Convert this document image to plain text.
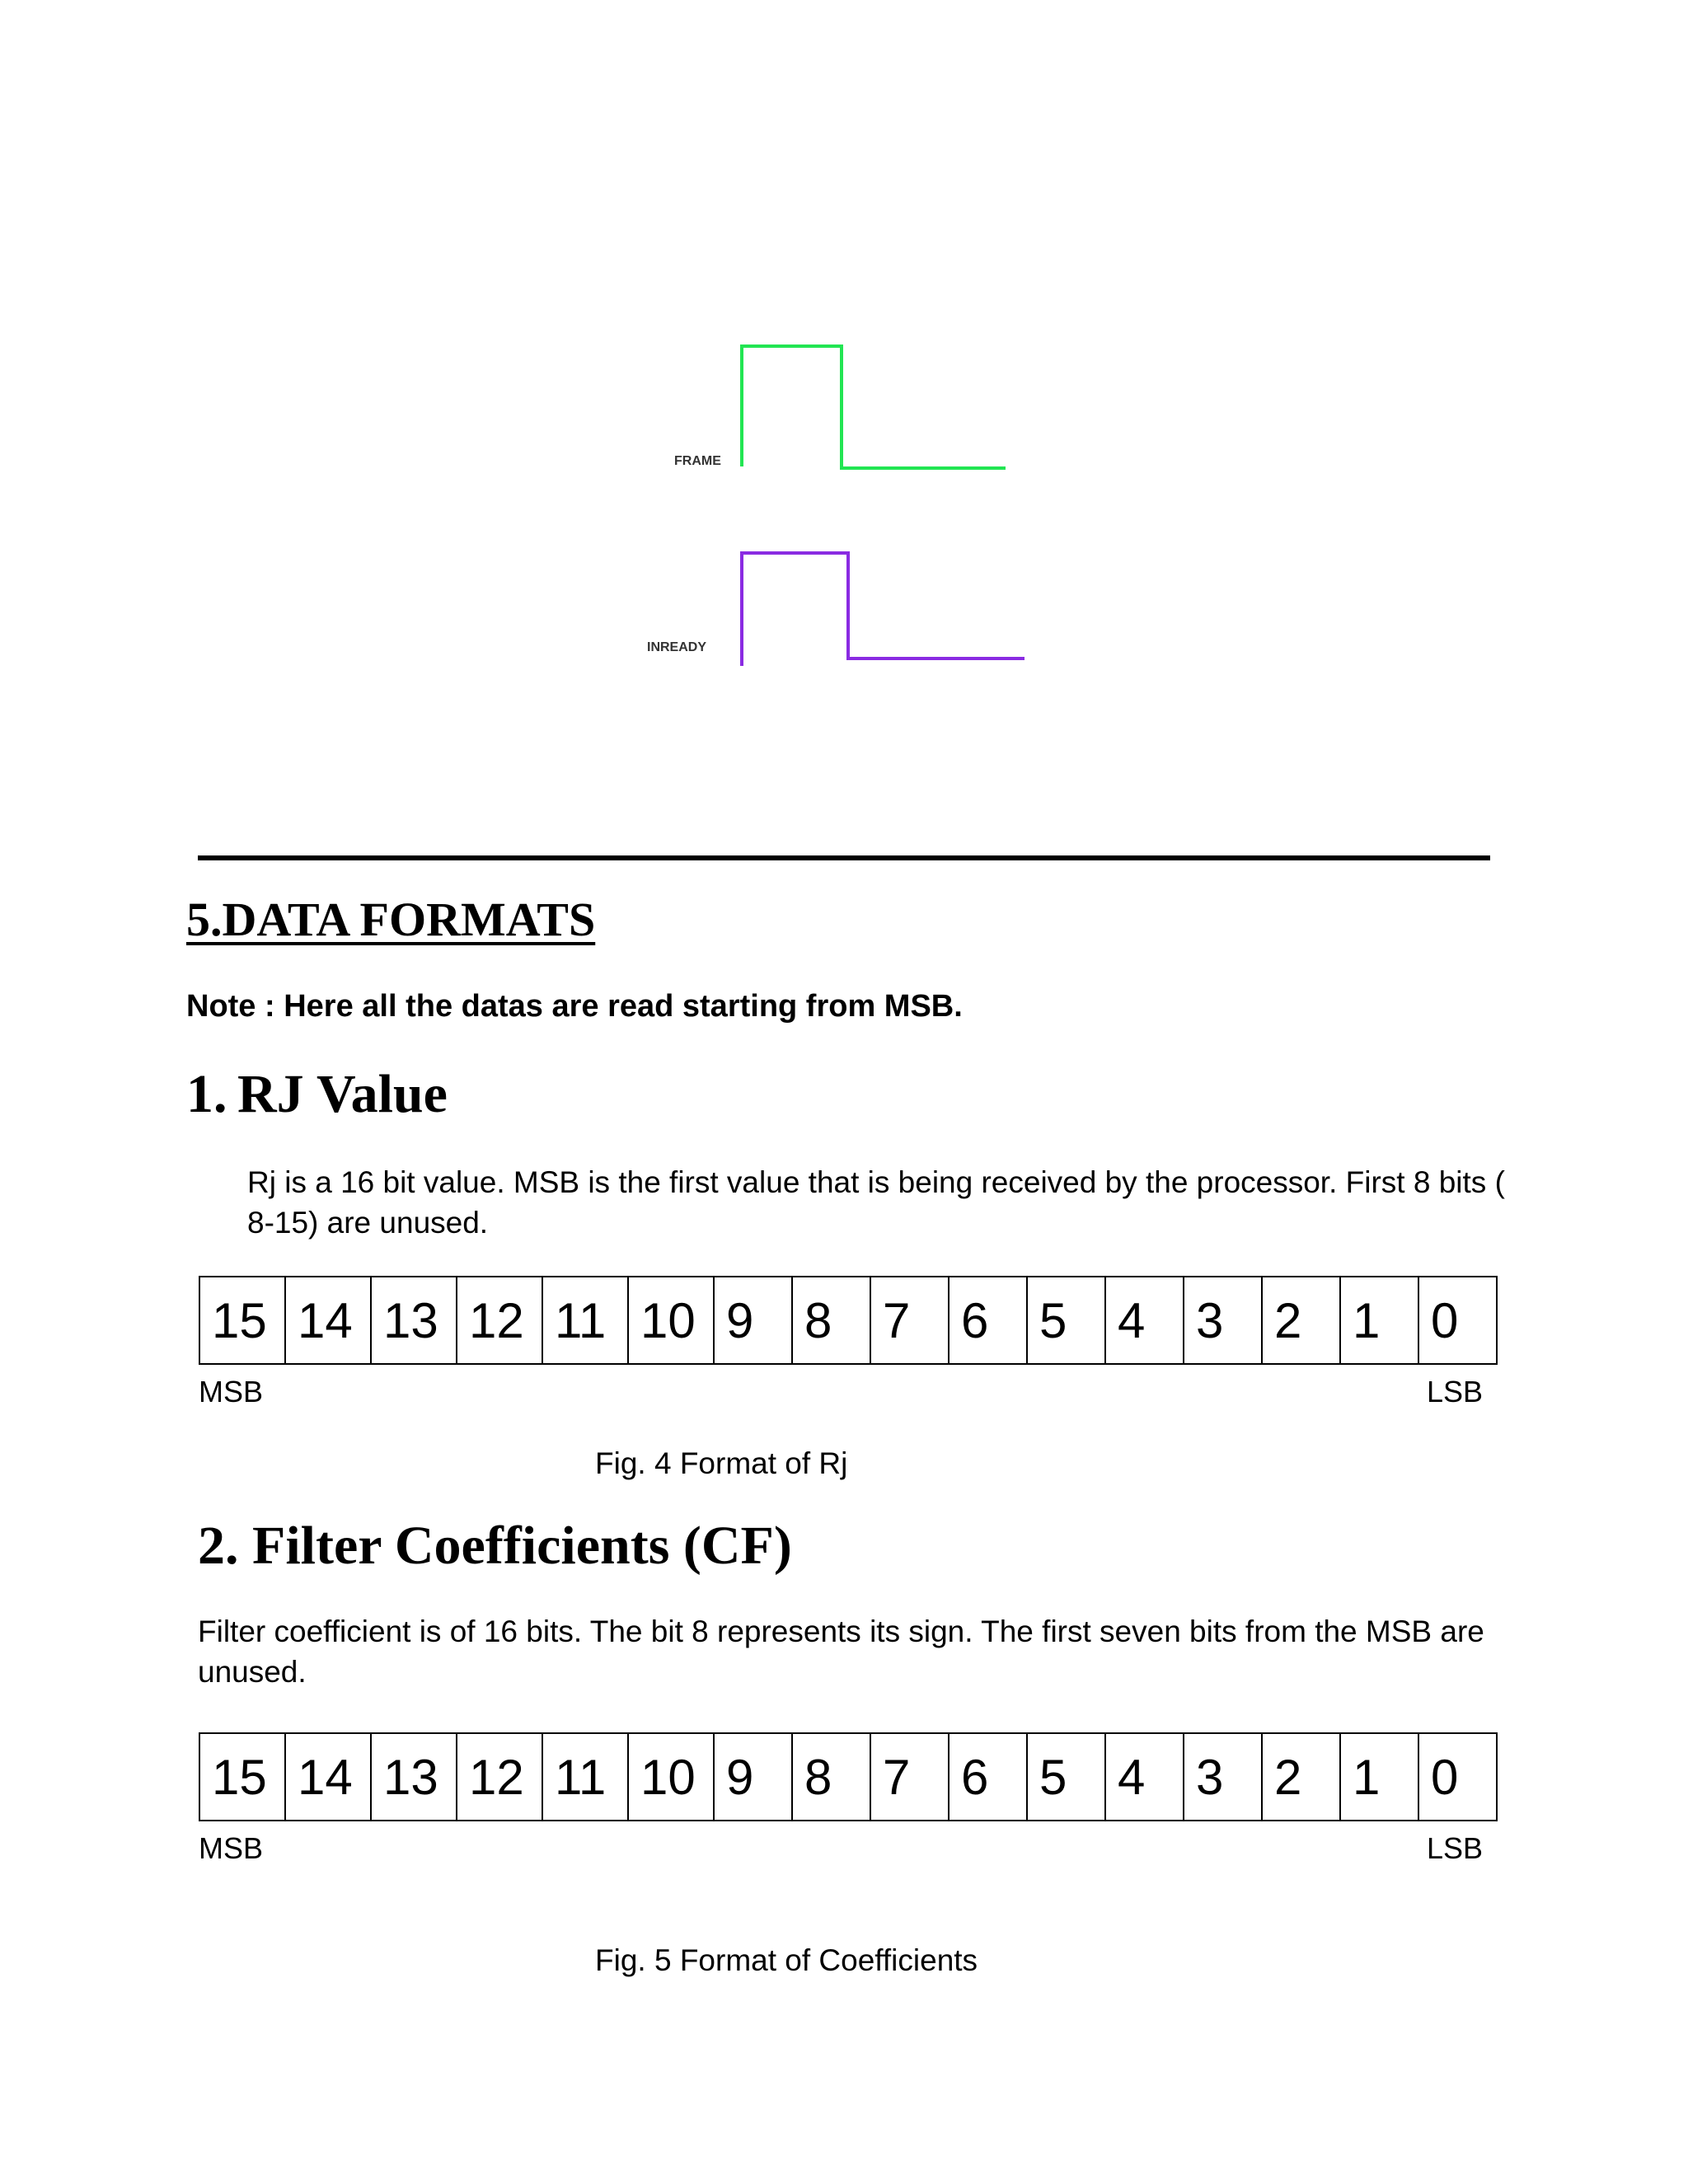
FRAME
INREADY
5.DATA FORMATS

Note : Here all the datas are read starting from MSB.

1. RJ Value

Rj is a 16 bit value. MSB is the first value that is being received by the processor. First 8 bits ( 8-15) are unused.

15	14	13	12	11	10	9	8	7	6	5	4	3	2	1	0

MSB	LSB

Fig. 4 Format of Rj

2. Filter Coefficients (CF)

Filter coefficient is of 16 bits. The bit 8 represents its sign. The first seven bits from the MSB are unused.

15	14	13	12	11	10	9	8	7	6	5	4	3	2	1	0

MSB	LSB

Fig. 5 Format of Coefficients
